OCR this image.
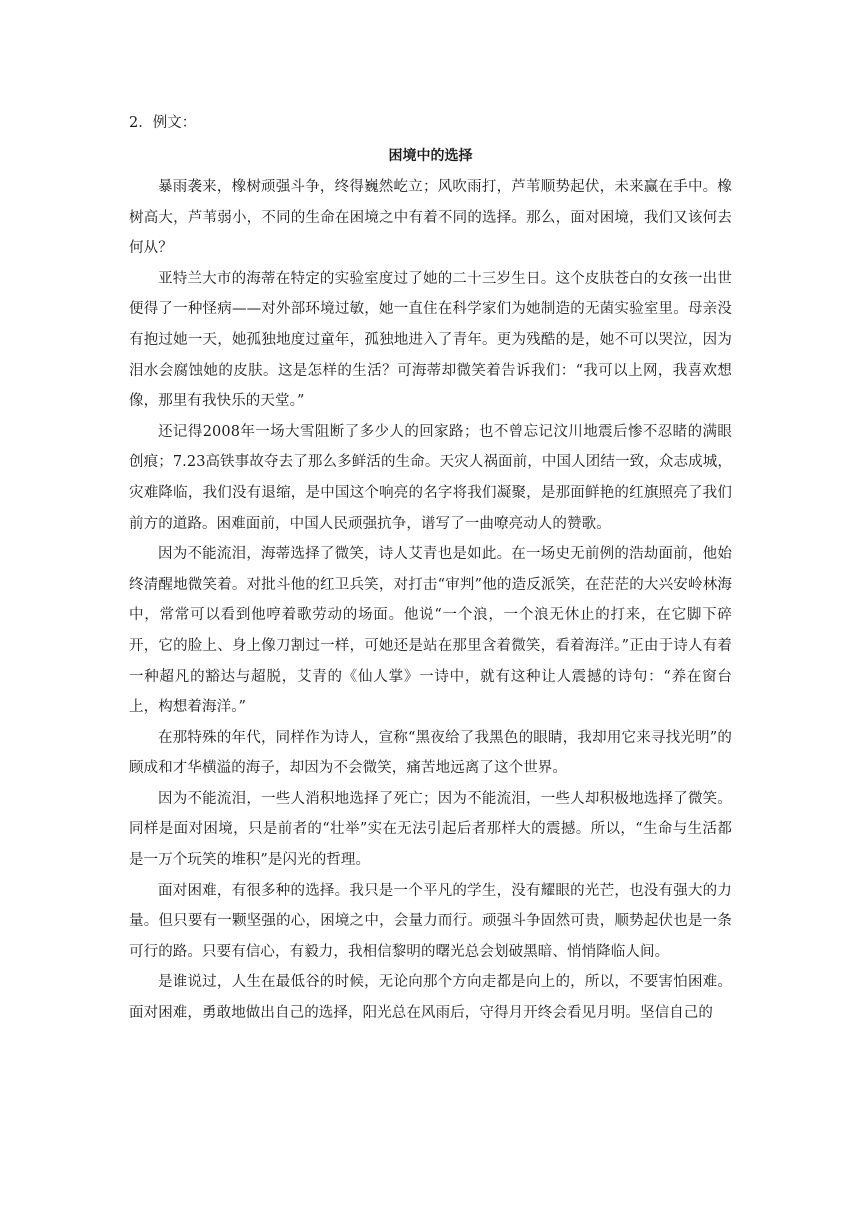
2．例文：

困境中的选择

暴雨袭来，橡树顽强斗争，终得巍然屹立；风吹雨打，芦苇顺势起伏，未来赢在手中。橡树高大，芦苇弱小，不同的生命在困境之中有着不同的选择。那么，面对困境，我们又该何去何从？

亚特兰大市的海蒂在特定的实验室度过了她的二十三岁生日。这个皮肤苍白的女孩一出世便得了一种怪病——对外部环境过敏，她一直住在科学家们为她制造的无菌实验室里。母亲没有抱过她一天，她孤独地度过童年，孤独地进入了青年。更为残酷的是，她不可以哭泣，因为泪水会腐蚀她的皮肤。这是怎样的生活？可海蒂却微笑着告诉我们：“我可以上网，我喜欢想像，那里有我快乐的天堂。”

还记得2008年一场大雪阻断了多少人的回家路；也不曾忘记汶川地震后惨不忍睹的满眼创痕；7.23高铁事故夺去了那么多鲜活的生命。天灾人祸面前，中国人团结一致，众志成城，灾难降临，我们没有退缩，是中国这个响亮的名字将我们凝聚，是那面鲜艳的红旗照亮了我们前方的道路。困难面前，中国人民顽强抗争，谱写了一曲嘹亮动人的赞歌。

因为不能流泪，海蒂选择了微笑，诗人艾青也是如此。在一场史无前例的浩劫面前，他始终清醒地微笑着。对批斗他的红卫兵笑，对打击“审判”他的造反派笑，在茫茫的大兴安岭林海中，常常可以看到他哼着歌劳动的场面。他说“一个浪，一个浪无休止的打来，在它脚下碎开，它的脸上、身上像刀割过一样，可她还是站在那里含着微笑，看着海洋。”正由于诗人有着一种超凡的豁达与超脱，艾青的《仙人掌》一诗中，就有这种让人震撼的诗句：“养在窗台上，构想着海洋。”

在那特殊的年代，同样作为诗人，宣称“黑夜给了我黑色的眼睛，我却用它来寻找光明”的顾成和才华横溢的海子，却因为不会微笑，痛苦地远离了这个世界。

因为不能流泪，一些人消积地选择了死亡；因为不能流泪，一些人却积极地选择了微笑。同样是面对困境，只是前者的“壮举”实在无法引起后者那样大的震撼。所以，“生命与生活都是一万个玩笑的堆积”是闪光的哲理。

面对困难，有很多种的选择。我只是一个平凡的学生，没有耀眼的光芒，也没有强大的力量。但只要有一颗坚强的心，困境之中，会量力而行。顽强斗争固然可贵，顺势起伏也是一条可行的路。只要有信心，有毅力，我相信黎明的曙光总会划破黑暗、悄悄降临人间。

是谁说过，人生在最低谷的时候，无论向那个方向走都是向上的，所以，不要害怕困难。面对困难，勇敢地做出自己的选择，阳光总在风雨后，守得月开终会看见月明。坚信自己的
